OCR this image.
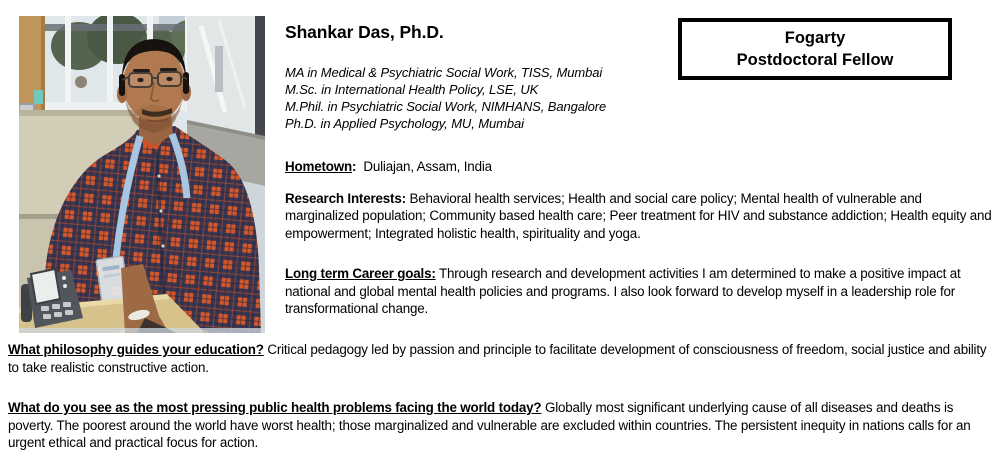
Fogarty
Postdoctoral Fellow
Shankar Das, Ph.D.
MA in Medical & Psychiatric Social Work, TISS, Mumbai
M.Sc. in International Health Policy, LSE, UK
M.Phil. in Psychiatric Social Work, NIMHANS, Bangalore
Ph.D. in Applied Psychology, MU, Mumbai

Hometown: Duliajan, Assam, India

Research Interests: Behavioral health services; Health and social care policy; Mental health of vulnerable and marginalized population; Community based health care; Peer treatment for HIV and substance addiction; Health equity and empowerment; Integrated holistic health, spirituality and yoga.

Long term Career goals: Through research and development activities I am determined to make a positive impact at national and global mental health policies and programs. I also look forward to develop myself in a leadership role for transformational change.

What philosophy guides your education? Critical pedagogy led by passion and principle to facilitate development of consciousness of freedom, social justice and ability to take realistic constructive action.

What do you see as the most pressing public health problems facing the world today? Globally most significant underlying cause of all diseases and deaths is poverty. The poorest around the world have worst health; those marginalized and vulnerable are excluded within countries. The persistent inequity in nations calls for an urgent ethical and practical focus for action.
